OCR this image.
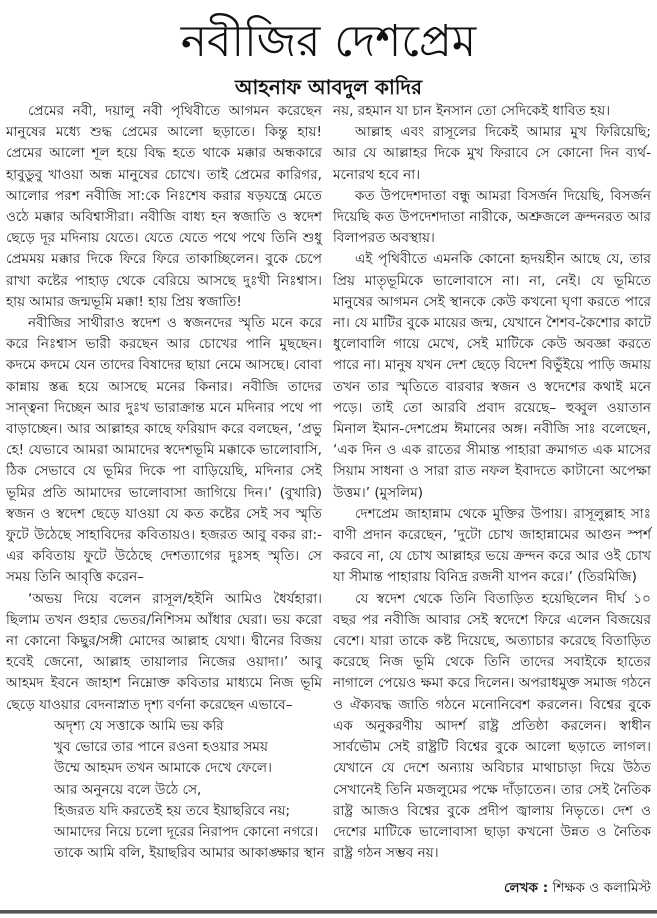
নবীজির দেশপ্রেম
আহনাফ আবদুল কাদির

প্রেমের নবী, দয়ালু নবী পৃথিবীতে আগমন করেছেন মানুষের মধ্যে শুদ্ধ প্রেমের আলো ছড়াতে। কিন্তু হায়! প্রেমের আলো শূল হয়ে বিদ্ধ হতে থাকে মক্কার অন্ধকারে হাবুডুবু খাওয়া অন্ধ মানুষের চোখে। তাই প্রেমের কারিগর, আলোর পরশ নবীজি সা:কে নিঃশেষ করার ষড়যন্ত্রে মেতে ওঠে মক্কার অবিশ্বাসীরা। নবীজি বাধ্য হন স্বজাতি ও স্বদেশ ছেড়ে দূর মদিনায় যেতে। যেতে যেতে পথে পথে তিনি শুধু প্রেমময় মক্কার দিকে ফিরে ফিরে তাকাচ্ছিলেন। বুকে চেপে রাখা কষ্টের পাহাড় থেকে বেরিয়ে আসছে দুঃখী নিঃশ্বাস। হায় আমার জন্মভূমি মক্কা! হায় প্রিয় স্বজাতি!

নবীজির সাথীরাও স্বদেশ ও স্বজনদের স্মৃতি মনে করে করে নিঃশ্বাস ভারী করছেন আর চোখের পানি মুছছেন। কদমে কদমে যেন তাদের বিষাদের ছায়া নেমে আসছে। বোবা কান্নায় স্তব্ধ হয়ে আসছে মনের কিনার। নবীজি তাদের সান্ত্বনা দিচ্ছেন আর দুঃখ ভারাক্রান্ত মনে মদিনার পথে পা বাড়াচ্ছেন। আর আল্লাহর কাছে ফরিয়াদ করে বলছেন, ‘প্রভু হে! যেভাবে আমরা আমাদের স্বদেশভূমি মক্কাকে ভালোবাসি, ঠিক সেভাবে যে ভূমির দিকে পা বাড়িয়েছি, মদিনার সেই ভূমির প্রতি আমাদের ভালোবাসা জাগিয়ে দিন।’ (বুখারি) স্বজন ও স্বদেশ ছেড়ে যাওয়া যে কত কষ্টের সেই সব স্মৃতি ফুটে উঠেছে সাহাবিদের কবিতায়ও। হজরত আবু বকর রা:-এর কবিতায় ফুটে উঠেছে দেশত্যাগের দুঃসহ স্মৃতি। সে সময় তিনি আবৃত্তি করেন–

‘অভয় দিয়ে বলেন রাসূল/হইনি আমিও ধৈর্যহারা। ছিলাম তখন গুহার ভেতর/নিশিসম আঁধার ঘেরা। ভয় করো না কোনো কিছুর/সঙ্গী মোদের আল্লাহ যেথা। দ্বীনের বিজয় হবেই জেনো, আল্লাহ তায়ালার নিজের ওয়াদা।’ আবু আহমদ ইবনে জাহাশ নিম্নোক্ত কবিতার মাধ্যমে নিজ ভূমি ছেড়ে যাওয়ার বেদনাস্নাত দৃশ্য বর্ণনা করেছেন এভাবে–

অদৃশ্য যে সত্তাকে আমি ভয় করি
খুব ভোরে তার পানে রওনা হওয়ার সময়
উম্মে আহমদ তখন আমাকে দেখে ফেলে।
আর অনুনয়ে বলে উঠে সে,
হিজরত যদি করতেই হয় তবে ইয়াছরিবে নয়;
আমাদের নিয়ে চলো দূরের নিরাপদ কোনো নগরে।
তাকে আমি বলি, ইয়াছরিব আমার আকাঙ্ক্ষার স্থান

নয়, রহমান যা চান ইনসান তো সেদিকেই ধাবিত হয়।

আল্লাহ এবং রাসূলের দিকেই আমার মুখ ফিরিয়েছি; আর যে আল্লাহর দিকে মুখ ফিরাবে সে কোনো দিন ব্যর্থ-মনোরথ হবে না।

কত উপদেশদাতা বন্ধু আমরা বিসর্জন দিয়েছি, বিসর্জন দিয়েছি কত উপদেশদাতা নারীকে, অশ্রুজলে ক্রন্দনরত আর বিলাপরত অবস্থায়।

এই পৃথিবীতে এমনকি কোনো হৃদয়হীন আছে যে, তার প্রিয় মাতৃভূমিকে ভালোবাসে না। না, নেই। যে ভূমিতে মানুষের আগমন সেই স্থানকে কেউ কখনো ঘৃণা করতে পারে না। যে মাটির বুকে মায়ের জন্ম, যেখানে শৈশব-কৈশোর কাটে ধুলোবালি গায়ে মেখে, সেই মাটিকে কেউ অবজ্ঞা করতে পারে না। মানুষ যখন দেশ ছেড়ে বিদেশ বিভুঁইয়ে পাড়ি জমায় তখন তার স্মৃতিতে বারবার স্বজন ও স্বদেশের কথাই মনে পড়ে। তাই তো আরবি প্রবাদ রয়েছে– হুব্বুল ওয়াতান মিনাল ইমান-দেশপ্রেম ঈমানের অঙ্গ। নবীজি সাঃ বলেছেন, ‘এক দিন ও এক রাতের সীমান্ত পাহারা ক্রমাগত এক মাসের সিয়াম সাধনা ও সারা রাত নফল ইবাদতে কাটানো অপেক্ষা উত্তম।’ (মুসলিম)

দেশপ্রেম জাহান্নাম থেকে মুক্তির উপায়। রাসূলুল্লাহ সাঃ বাণী প্রদান করেছেন, ‘দুটো চোখ জাহান্নামের আগুন স্পর্শ করবে না, যে চোখ আল্লাহর ভয়ে ক্রন্দন করে আর ওই চোখ যা সীমান্ত পাহারায় বিনিদ্র রজনী যাপন করে।’ (তিরমিজি)

যে স্বদেশ থেকে তিনি বিতাড়িত হয়েছিলেন দীর্ঘ ১০ বছর পর নবীজি আবার সেই স্বদেশে ফিরে এলেন বিজয়ের বেশে। যারা তাকে কষ্ট দিয়েছে, অত্যাচার করেছে বিতাড়িত করেছে নিজ ভূমি থেকে তিনি তাদের সবাইকে হাতের নাগালে পেয়েও ক্ষমা করে দিলেন। অপরাধমুক্ত সমাজ গঠনে ও ঐক্যবদ্ধ জাতি গঠনে মনোনিবেশ করলেন। বিশ্বের বুকে এক অনুকরণীয় আদর্শ রাষ্ট্র প্রতিষ্ঠা করলেন। স্বাধীন সার্বভৌম সেই রাষ্ট্রটি বিশ্বের বুকে আলো ছড়াতে লাগল। যেখানে যে দেশে অন্যায় অবিচার মাথাচাড়া দিয়ে উঠত সেখানেই তিনি মজলুমের পক্ষে দাঁড়াতেন। তার সেই নৈতিক রাষ্ট্র আজও বিশ্বের বুকে প্রদীপ জ্বালায় নিভৃতে। দেশ ও দেশের মাটিকে ভালোবাসা ছাড়া কখনো উন্নত ও নৈতিক রাষ্ট্র গঠন সম্ভব নয়।

লেখক : শিক্ষক ও কলামিস্ট
